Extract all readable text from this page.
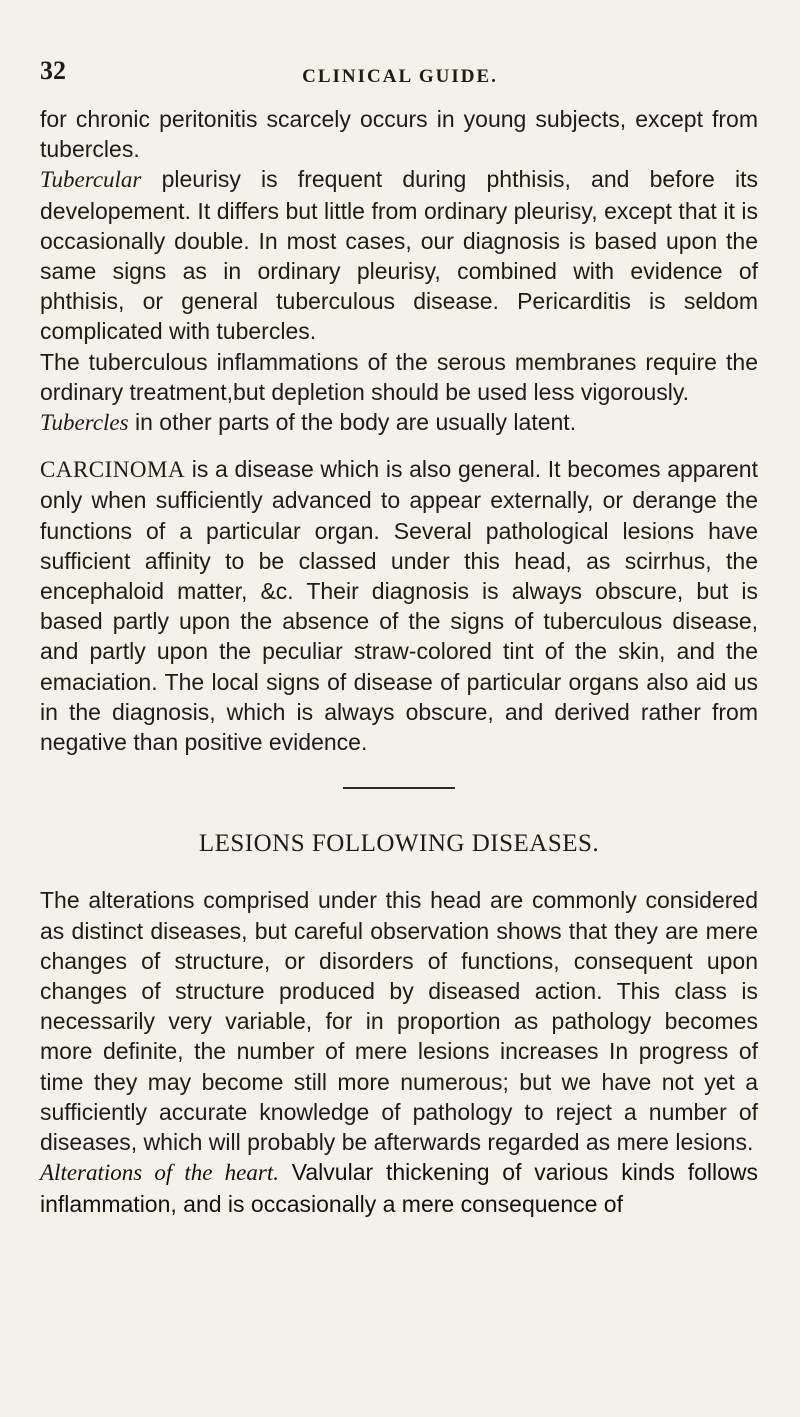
32	CLINICAL GUIDE.

for chronic peritonitis scarcely occurs in young subjects, except from tubercles.

Tubercular pleurisy is frequent during phthisis, and before its developement. It differs but little from ordinary pleurisy, except that it is occasionally double. In most cases, our diagnosis is based upon the same signs as in ordinary pleurisy, combined with evidence of phthisis, or general tuberculous disease. Pericarditis is seldom complicated with tubercles.

The tuberculous inflammations of the serous membranes require the ordinary treatment,but depletion should be used less vigorously.

Tubercles in other parts of the body are usually latent.

CARCINOMA is a disease which is also general. It becomes apparent only when sufficiently advanced to appear externally, or derange the functions of a particular organ. Several pathological lesions have sufficient affinity to be classed under this head, as scirrhus, the encephaloid matter, &c. Their diagnosis is always obscure, but is based partly upon the absence of the signs of tuberculous disease, and partly upon the peculiar straw-colored tint of the skin, and the emaciation. The local signs of disease of particular organs also aid us in the diagnosis, which is always obscure, and derived rather from negative than positive evidence.

LESIONS FOLLOWING DISEASES.

The alterations comprised under this head are commonly considered as distinct diseases, but careful observation shows that they are mere changes of structure, or disorders of functions, consequent upon changes of structure produced by diseased action. This class is necessarily very variable, for in proportion as pathology becomes more definite, the number of mere lesions increases In progress of time they may become still more numerous; but we have not yet a sufficiently accurate knowledge of pathology to reject a number of diseases, which will probably be afterwards regarded as mere lesions.

Alterations of the heart. Valvular thickening of various kinds follows inflammation, and is occasionally a mere consequence of
